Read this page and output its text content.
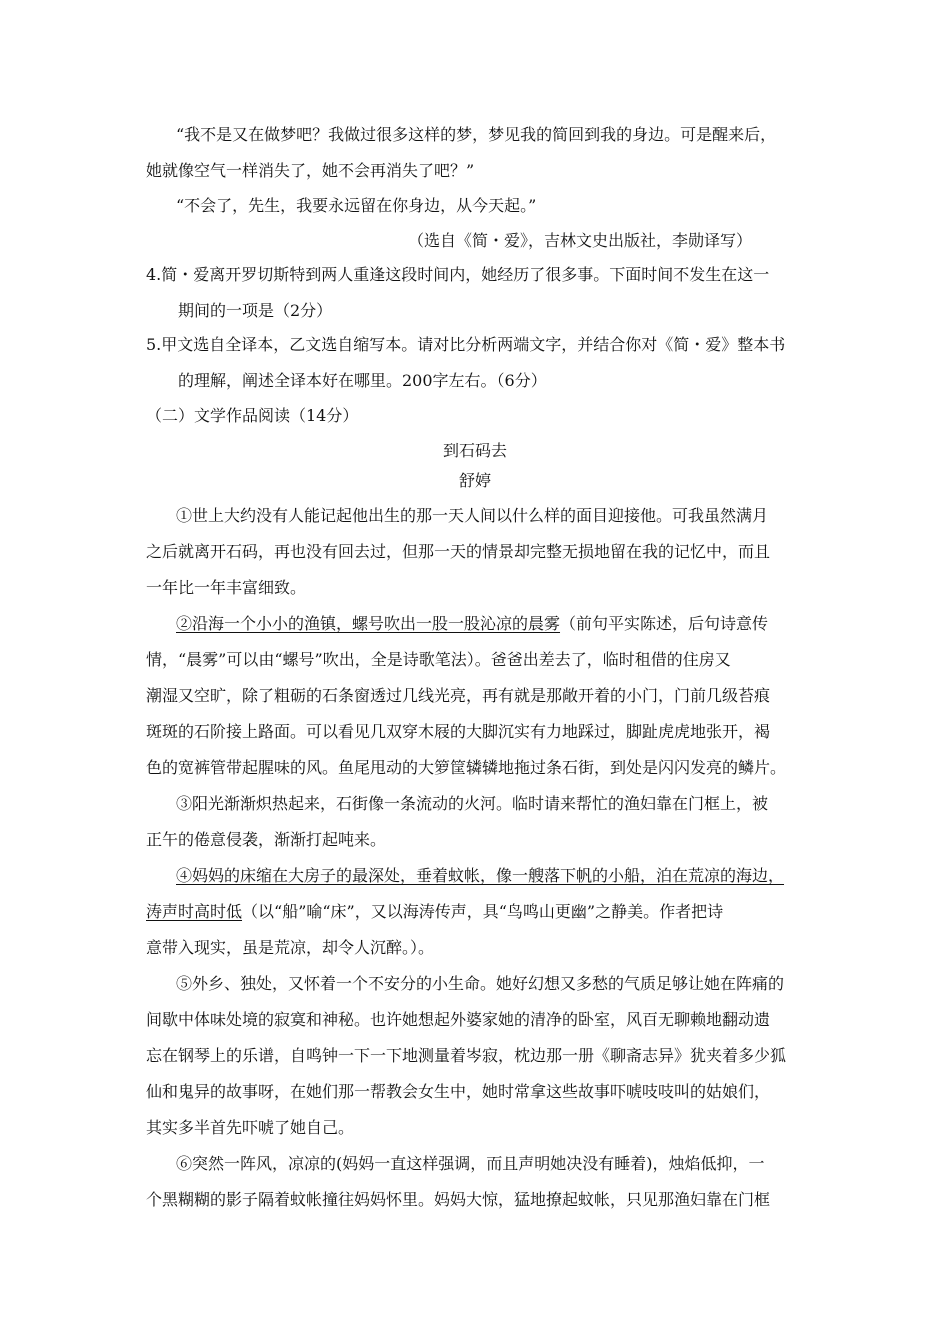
“我不是又在做梦吧？我做过很多这样的梦，梦见我的简回到我的身边。可是醒来后，
她就像空气一样消失了，她不会再消失了吧？”
“不会了，先生，我要永远留在你身边，从今天起。”
（选自《简・爱》，吉林文史出版社，李勋译写）
4.简・爱离开罗切斯特到两人重逢这段时间内，她经历了很多事。下面时间不发生在这一
期间的一项是（2分）
5.甲文选自全译本，乙文选自缩写本。请对比分析两端文字，并结合你对《简・爱》整本书
的理解，阐述全译本好在哪里。200字左右。（6分）
（二）文学作品阅读（14分）
到石码去
舒婷
①世上大约没有人能记起他出生的那一天人间以什么样的面目迎接他。可我虽然满月
之后就离开石码，再也没有回去过，但那一天的情景却完整无损地留在我的记忆中，而且
一年比一年丰富细致。
②沿海一个小小的渔镇，螺号吹出一股一股沁凉的晨雾（前句平实陈述，后句诗意传
情，“晨雾”可以由“螺号”吹出，全是诗歌笔法）。爸爸出差去了，临时租借的住房又
潮湿又空旷，除了粗砺的石条窗透过几线光亮，再有就是那敞开着的小门，门前几级苔痕
斑斑的石阶接上路面。可以看见几双穿木屐的大脚沉实有力地踩过，脚趾虎虎地张开，褐
色的宽裤管带起腥味的风。鱼尾甩动的大箩筐辚辚地拖过条石街，到处是闪闪发亮的鳞片。
③阳光渐渐炽热起来，石街像一条流动的火河。临时请来帮忙的渔妇靠在门框上，被
正午的倦意侵袭，渐渐打起吨来。
④妈妈的床缩在大房子的最深处，垂着蚊帐，像一艘落下帆的小船，泊在荒凉的海边，
涛声时高时低（以“船”喻“床”，又以海涛传声，具“鸟鸣山更幽”之静美。作者把诗
意带入现实，虽是荒凉，却令人沉醉。）。
⑤外乡、独处，又怀着一个不安分的小生命。她好幻想又多愁的气质足够让她在阵痛的
间歇中体味处境的寂寞和神秘。也许她想起外婆家她的清净的卧室，风百无聊赖地翻动遗
忘在钢琴上的乐谱，自鸣钟一下一下地测量着岑寂，枕边那一册《聊斋志异》犹夹着多少狐
仙和鬼异的故事呀，在她们那一帮教会女生中，她时常拿这些故事吓唬吱吱叫的姑娘们，
其实多半首先吓唬了她自己。
⑥突然一阵风，凉凉的(妈妈一直这样强调，而且声明她决没有睡着)，烛焰低抑，一
个黑糊糊的影子隔着蚊帐撞往妈妈怀里。妈妈大惊，猛地撩起蚊帐，只见那渔妇靠在门框
